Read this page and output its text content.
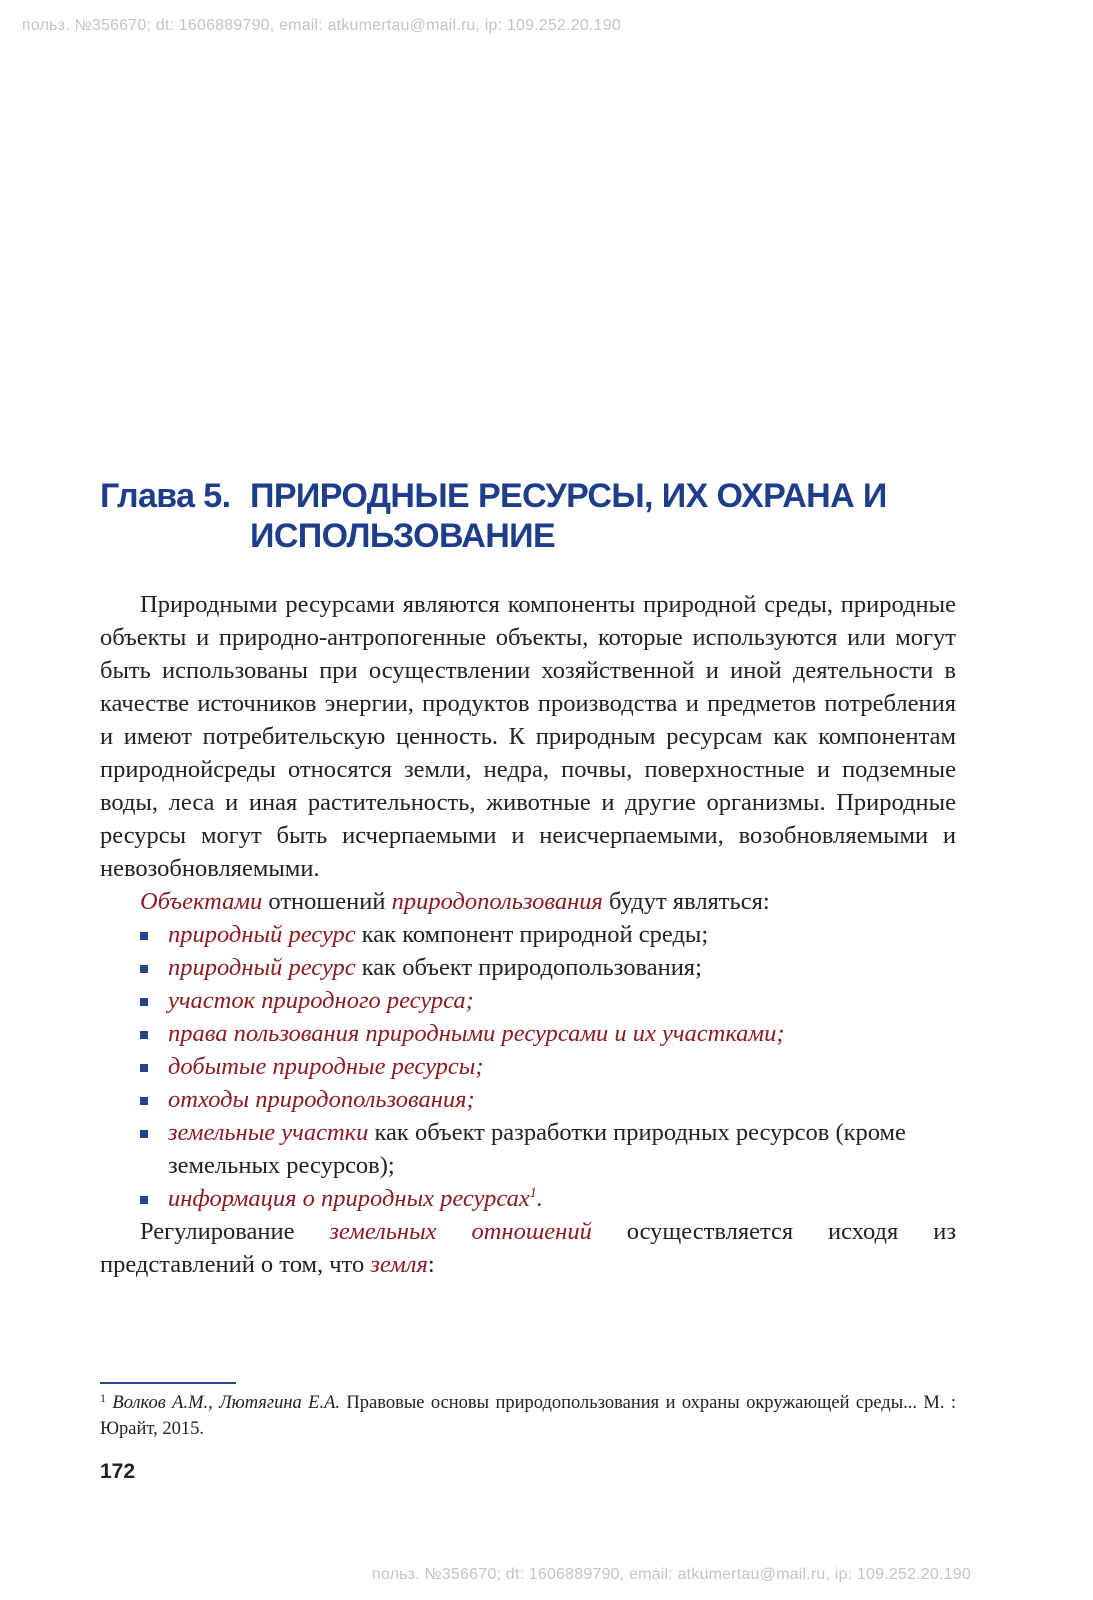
польз. №356670; dt: 1606889790, email: atkumertau@mail.ru, ip: 109.252.20.190
Глава 5. ПРИРОДНЫЕ РЕСУРСЫ, ИХ ОХРАНА И ИСПОЛЬЗОВАНИЕ

Природными ресурсами являются компоненты природной среды, природные объекты и природно-антропогенные объекты, которые используются или могут быть использованы при осуществлении хозяйственной и иной деятельности в качестве источников энергии, продуктов производства и предметов потребления и имеют потребительскую ценность. К природным ресурсам как компонентам природнойсреды относятся земли, недра, почвы, поверхностные и подземные воды, леса и иная растительность, животные и другие организмы. Природные ресурсы могут быть исчерпаемыми и неисчерпаемыми, возобновляемыми и невозобновляемыми.

Объектами отношений природопользования будут являться:

природный ресурс как компонент природной среды;
природный ресурс как объект природопользования;
участок природного ресурса;
права пользования природными ресурсами и их участками;
добытые природные ресурсы;
отходы природопользования;
земельные участки как объект разработки природных ресурсов (кроме земельных ресурсов);
информация о природных ресурсах$^1$.

Регулирование земельных отношений осуществляется исходя из представлений о том, что земля:

$^1$ Волков А.М., Лютягина Е.А. Правовые основы природопользования и охраны окружающей среды... М. : Юрайт, 2015.
172
польз. №356670; dt: 1606889790, email: atkumertau@mail.ru, ip: 109.252.20.190
